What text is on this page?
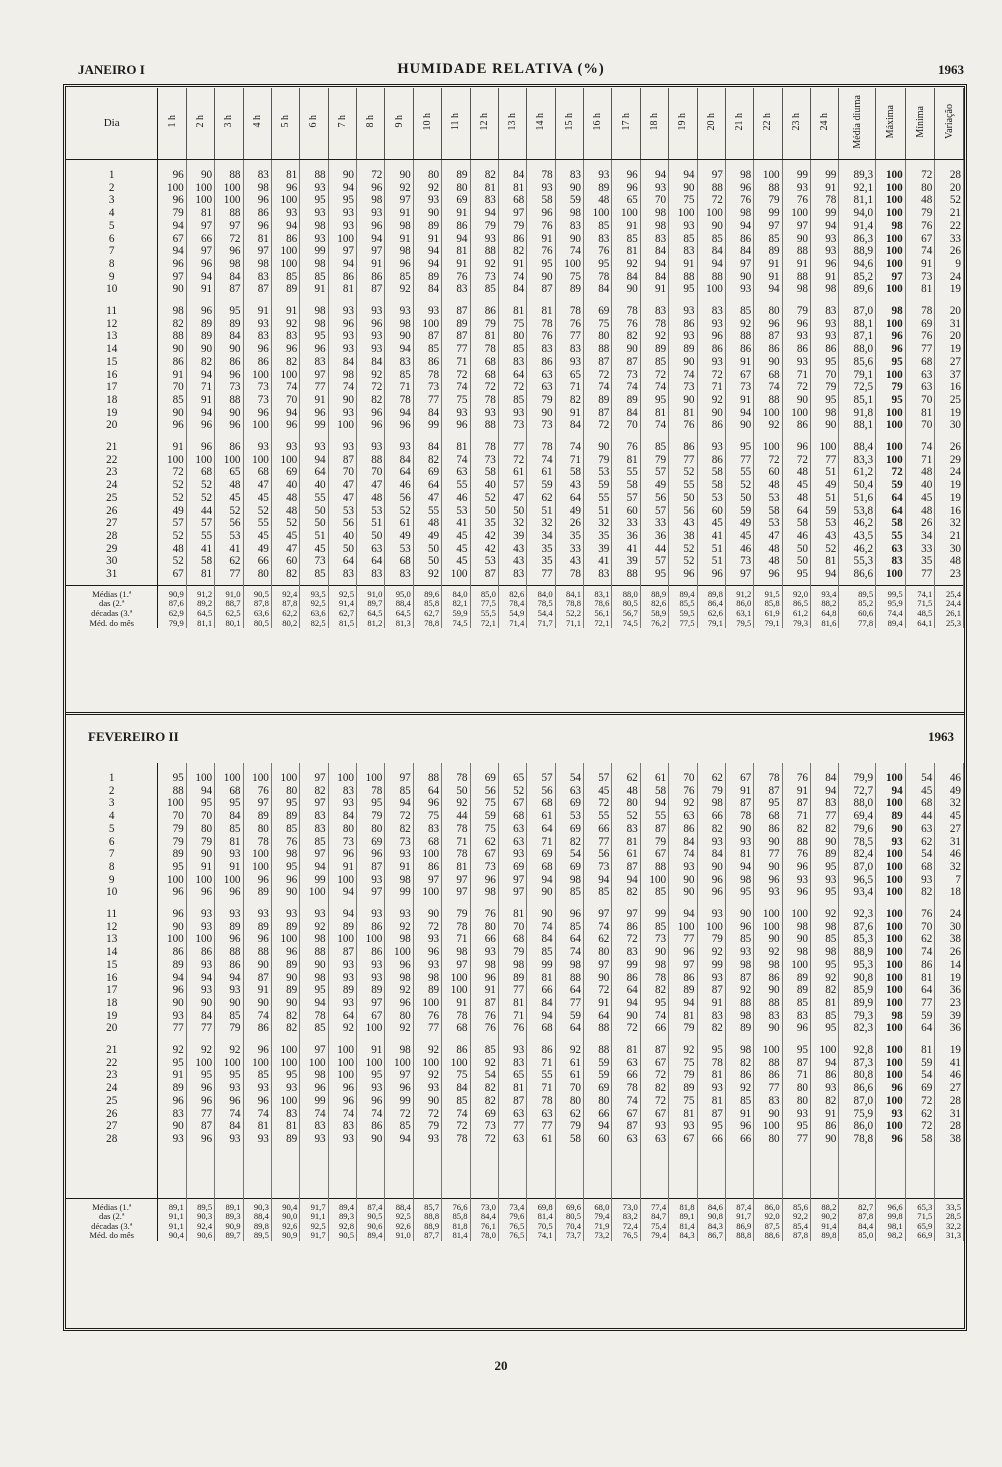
JANEIRO I	HUMIDADE RELATIVA (%)	1963
Dia	1 h	2 h	3 h	4 h	5 h	6 h	7 h	8 h	9 h	10 h	11 h	12 h	13 h	14 h	15 h	16 h	17 h	18 h	19 h	20 h	21 h	22 h	23 h	24 h	Média diurna	Máxima	Mínima	Variação

1	96	90	88	83	81	88	90	72	90	80	89	82	84	78	83	93	96	94	94	97	98	100	99	99	89,3	100	72	28
2	100	100	100	98	96	93	94	96	92	92	80	81	81	93	90	89	96	93	90	88	96	88	93	91	92,1	100	80	20
3	96	100	100	96	100	95	95	98	97	93	69	83	68	58	59	48	65	70	75	72	76	79	76	78	81,1	100	48	52
4	79	81	88	86	93	93	93	93	91	90	91	94	97	96	98	100	100	98	100	100	98	99	100	99	94,0	100	79	21
5	94	97	97	96	94	98	93	96	98	89	86	79	79	76	83	85	91	98	93	90	94	97	97	94	91,4	98	76	22
6	67	66	72	81	86	93	100	94	91	91	94	93	86	91	90	83	85	83	85	85	86	85	90	93	86,3	100	67	33
7	94	97	96	97	100	99	97	97	98	94	81	88	82	76	74	76	81	84	83	84	84	89	88	93	88,9	100	74	26
8	96	96	98	98	100	98	94	91	96	94	91	92	91	95	100	95	92	94	91	94	97	91	91	96	94,6	100	91	9
9	97	94	84	83	85	85	86	86	85	89	76	73	74	90	75	78	84	84	88	88	90	91	88	91	85,2	97	73	24
10	90	91	87	87	89	91	81	87	92	84	83	85	84	87	89	84	90	91	95	100	93	94	98	98	89,6	100	81	19

11	98	96	95	91	91	98	93	93	93	93	87	86	81	81	78	69	78	83	93	83	85	80	79	83	87,0	98	78	20
12	82	89	89	93	92	98	96	96	98	100	89	79	75	78	76	75	76	78	86	93	92	96	96	93	88,1	100	69	31
13	88	89	84	83	83	95	93	93	90	87	87	81	80	76	77	80	82	92	93	96	88	87	93	93	87,1	96	76	20
14	90	90	90	96	96	96	93	93	94	85	77	78	85	83	83	88	90	89	89	86	86	86	86	86	88,0	96	77	19
15	86	82	86	86	82	83	84	84	83	86	71	68	83	86	93	87	87	85	90	93	91	90	93	95	85,6	95	68	27
16	91	94	96	100	100	97	98	92	85	78	72	68	64	63	65	72	73	72	74	72	67	68	71	70	79,1	100	63	37
17	70	71	73	73	74	77	74	72	71	73	74	72	72	63	71	74	74	74	73	71	73	74	72	79	72,5	79	63	16
18	85	91	88	73	70	91	90	82	78	77	75	78	85	79	82	89	89	95	90	92	91	88	90	95	85,1	95	70	25
19	90	94	90	96	94	96	93	96	94	84	93	93	93	90	91	87	84	81	81	90	94	100	100	98	91,8	100	81	19
20	96	96	96	100	96	99	100	96	96	99	96	88	73	73	84	72	70	74	76	86	90	92	86	90	88,1	100	70	30

21	91	96	86	93	93	93	93	93	93	84	81	78	77	78	74	90	76	85	86	93	95	100	96	100	88,4	100	74	26
22	100	100	100	100	100	94	87	88	84	82	74	73	72	74	71	79	81	79	77	86	77	72	72	77	83,3	100	71	29
23	72	68	65	68	69	64	70	70	64	69	63	58	61	61	58	53	55	57	52	58	55	60	48	51	61,2	72	48	24
24	52	52	48	47	40	40	47	47	46	64	55	40	57	59	43	59	58	49	55	58	52	48	45	49	50,4	59	40	19
25	52	52	45	45	48	55	47	48	56	47	46	52	47	62	64	55	57	56	50	53	50	53	48	51	51,6	64	45	19
26	49	44	52	52	48	50	53	53	52	55	53	50	50	51	49	51	60	57	56	60	59	58	64	59	53,8	64	48	16
27	57	57	56	55	52	50	56	51	61	48	41	35	32	32	26	32	33	33	43	45	49	53	58	53	46,2	58	26	32
28	52	55	53	45	45	51	40	50	49	49	45	42	39	34	35	35	36	36	38	41	45	47	46	43	43,5	55	34	21
29	48	41	41	49	47	45	50	63	53	50	45	42	43	35	33	39	41	44	52	51	46	48	50	52	46,2	63	33	30
30	52	58	62	66	60	73	64	64	68	50	45	53	43	35	43	41	39	57	52	51	73	48	50	81	55,3	83	35	48
31	67	81	77	80	82	85	83	83	83	92	100	87	83	77	78	83	88	95	96	96	97	96	95	94	86,6	100	77	23

Médias (1.ª	90,9	91,2	91,0	90,5	92,4	93,5	92,5	91,0	95,0	89,6	84,0	85,0	82,6	84,0	84,1	83,1	88,0	88,9	89,4	89,8	91,2	91,5	92,0	93,4	89,5	99,5	74,1	25,4
das (2.ª	87,6	89,2	88,7	87,8	87,8	92,5	91,4	89,7	88,4	85,8	82,1	77,5	78,4	78,5	78,8	78,6	80,5	82,6	85,5	86,4	86,0	85,8	86,5	88,2	85,2	95,9	71,5	24,4
décadas (3.ª	62,9	64,5	62,5	63,6	62,2	63,6	62,7	64,5	64,5	62,7	59,9	55,5	54,9	54,4	52,2	56,1	56,7	58,9	59,5	62,6	63,1	61,9	61,2	64,8	60,6	74,4	48,5	26,1
Méd. do mês	79,9	81,1	80,1	80,5	80,2	82,5	81,5	81,2	81,3	78,8	74,5	72,1	71,4	71,7	71,1	72,1	74,5	76,2	77,5	79,1	79,5	79,1	79,3	81,6	77,8	89,4	64,1	25,3
FEVEREIRO II	1963

1	95	100	100	100	100	97	100	100	97	88	78	69	65	57	54	57	62	61	70	62	67	78	76	84	79,9	100	54	46
2	88	94	68	76	80	82	83	78	85	64	50	56	52	56	63	45	48	58	76	79	91	87	91	94	72,7	94	45	49
3	100	95	95	97	95	97	93	95	94	96	92	75	67	68	69	72	80	94	92	98	87	95	87	83	88,0	100	68	32
4	70	70	84	89	89	83	84	79	72	75	44	59	68	61	53	55	52	55	63	66	78	68	71	77	69,4	89	44	45
5	79	80	85	80	85	83	80	80	82	83	78	75	63	64	69	66	83	87	86	82	90	86	82	82	79,6	90	63	27
6	79	79	81	78	76	85	73	69	73	68	71	62	63	71	82	77	81	79	84	93	93	90	88	90	78,5	93	62	31
7	89	90	93	100	98	97	96	96	93	100	78	67	93	69	54	56	61	67	74	84	81	77	76	89	82,4	100	54	46
8	95	91	91	100	95	94	91	87	91	86	81	73	69	68	69	73	87	88	93	90	94	90	96	95	87,0	100	68	32
9	100	100	100	96	96	99	100	93	98	97	97	96	97	94	98	94	94	100	90	96	98	96	93	93	96,5	100	93	7
10	96	96	96	89	90	100	94	97	99	100	97	98	97	90	85	85	82	85	90	96	95	93	96	95	93,4	100	82	18

11	96	93	93	93	93	93	94	93	93	90	79	76	81	90	96	97	97	99	94	93	90	100	100	92	92,3	100	76	24
12	90	93	89	89	89	92	89	86	92	72	78	80	70	74	85	74	86	85	100	100	96	100	98	98	87,6	100	70	30
13	100	100	96	96	100	98	100	100	98	93	71	66	68	84	64	62	72	73	77	79	85	90	90	85	85,3	100	62	38
14	86	86	88	88	96	88	87	86	100	96	98	93	79	85	74	80	83	90	96	92	93	92	98	98	88,9	100	74	26
15	89	93	86	90	89	90	93	93	96	93	97	98	98	99	98	97	99	98	97	99	98	98	100	95	95,3	100	86	14
16	94	94	94	87	90	98	93	93	98	98	100	96	89	81	88	90	86	78	86	93	87	86	89	92	90,8	100	81	19
17	96	93	93	91	89	95	89	89	92	89	100	91	77	66	64	72	64	82	89	87	92	90	89	82	85,9	100	64	36
18	90	90	90	90	90	94	93	97	96	100	91	87	81	84	77	91	94	95	94	91	88	88	85	81	89,9	100	77	23
19	93	84	85	74	82	78	64	67	80	76	78	76	71	94	59	64	90	74	81	83	98	83	83	85	79,3	98	59	39
20	77	77	79	86	82	85	92	100	92	77	68	76	76	68	64	88	72	66	79	82	89	90	96	95	82,3	100	64	36

21	92	92	92	96	100	97	100	91	98	92	86	85	93	86	92	88	81	87	92	95	98	100	95	100	92,8	100	81	19
22	95	100	100	100	100	100	100	100	100	100	100	92	83	71	61	59	63	67	75	78	82	88	87	94	87,3	100	59	41
23	91	95	95	85	95	98	100	95	97	92	75	54	65	55	61	59	66	72	79	81	86	86	71	86	80,8	100	54	46
24	89	96	93	93	93	96	96	93	96	93	84	82	81	71	70	69	78	82	89	93	92	77	80	93	86,6	96	69	27
25	96	96	96	96	100	99	96	96	99	90	85	82	87	78	80	80	74	72	75	81	85	83	80	82	87,0	100	72	28
26	83	77	74	74	83	74	74	74	72	72	74	69	63	63	62	66	67	67	81	87	91	90	93	91	75,9	93	62	31
27	90	87	84	81	81	83	83	86	85	79	72	73	77	77	79	94	87	93	93	95	96	100	95	86	86,0	100	72	28
28	93	96	93	93	89	93	93	90	94	93	78	72	63	61	58	60	63	63	67	66	66	80	77	90	78,8	96	58	38

Médias (1.ª	89,1	89,5	89,1	90,3	90,4	91,7	89,4	87,4	88,4	85,7	76,6	73,0	73,4	69,8	69,6	68,0	73,0	77,4	81,8	84,6	87,4	86,0	85,6	88,2	82,7	96,6	65,3	33,5
das (2.ª	91,1	90,3	89,3	88,4	90,0	91,1	89,3	90,5	92,5	88,8	85,8	84,4	79,6	81,4	80,5	79,4	83,2	84,7	89,1	90,8	91,7	92,0	92,2	90,2	87,8	99,8	71,5	28,5
décadas (3.ª	91,1	92,4	90,9	89,8	92,6	92,5	92,8	90,6	92,6	88,9	81,8	76,1	76,5	70,5	70,4	71,9	72,4	75,4	81,4	84,3	86,9	87,5	85,4	91,4	84,4	98,1	65,9	32,2
Méd. do mês	90,4	90,6	89,7	89,5	90,9	91,7	90,5	89,4	91,0	87,7	81,4	78,0	76,5	74,1	73,7	73,2	76,5	79,4	84,3	86,7	88,8	88,6	87,8	89,8	85,0	98,2	66,9	31,3
20
